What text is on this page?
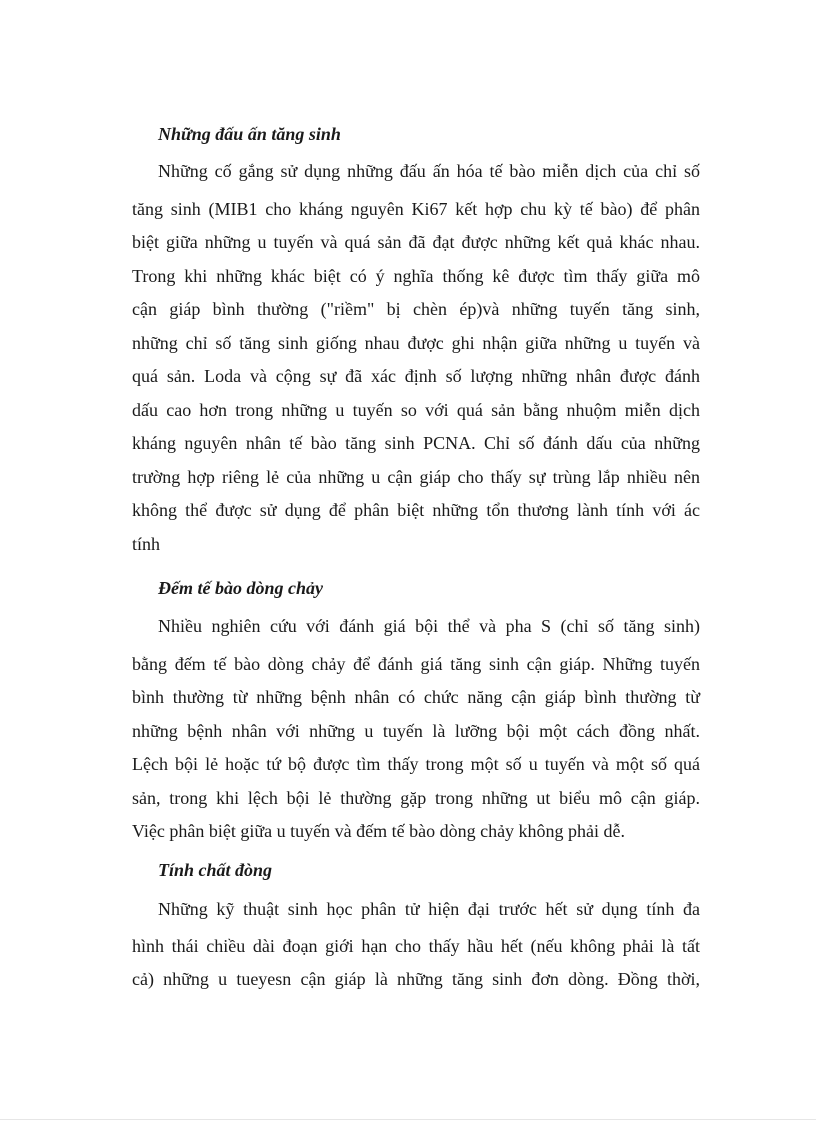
Những đấu ấn tăng sinh
Những cố gắng sử dụng những đấu ấn hóa tế bào miễn dịch của chỉ số
tăng sinh (MIB1 cho kháng nguyên Ki67 kết hợp chu kỳ tế bào) để phân
biệt giữa những u tuyến và quá sản đã đạt được những kết quả khác nhau.
Trong khi những khác biệt có ý nghĩa thống kê được tìm thấy giữa mô
cận giáp bình thường ("riềm" bị chèn ép)và những tuyến tăng sinh,
những chỉ số tăng sinh giống nhau được ghi nhận giữa những u tuyến và
quá sản. Loda và cộng sự đã xác định số lượng những nhân được đánh
dấu cao hơn trong những u tuyến so với quá sản bằng nhuộm miễn dịch
kháng nguyên nhân tế bào tăng sinh PCNA. Chỉ số đánh dấu của những
trường hợp riêng lẻ của những u cận giáp cho thấy sự trùng lắp nhiều nên
không thể được sử dụng để phân biệt những tổn thương lành tính với ác
tính
Đếm tế bào dòng chảy
Nhiều nghiên cứu với đánh giá bội thể và pha S (chỉ số tăng sinh)
bằng đếm tế bào dòng chảy để đánh giá tăng sinh cận giáp. Những tuyến
bình thường từ những bệnh nhân có chức năng cận giáp bình thường từ
những bệnh nhân với những u tuyến là lưỡng bội một cách đồng nhất.
Lệch bội lẻ hoặc tứ bộ được tìm thấy trong một số u tuyến và một số quá
sản, trong khi lệch bội lẻ thường gặp trong những ut biểu mô cận giáp.
Việc phân biệt giữa u tuyến và đếm tế bào dòng chảy không phải dễ.
Tính chất đòng
Những kỹ thuật sinh học phân tử hiện đại trước hết sử dụng tính đa
hình thái chiều dài đoạn giới hạn cho thấy hầu hết (nếu không phải là tất
cả) những u tueyesn cận giáp là những tăng sinh đơn dòng. Đồng thời,
